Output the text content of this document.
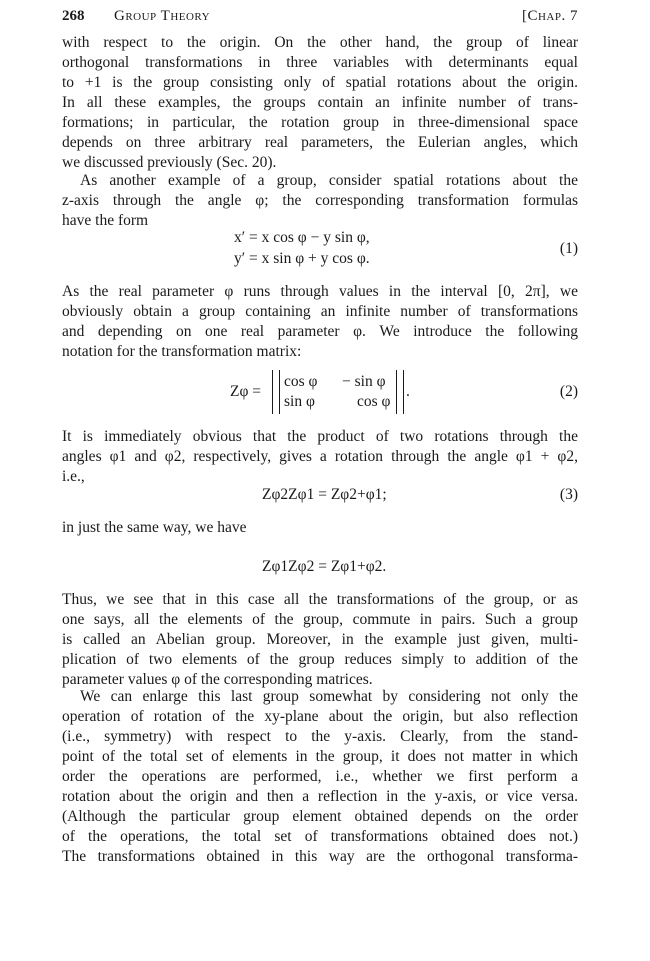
268 Group Theory	[Chap. 7
with respect to the origin. On the other hand, the group of linear
orthogonal transformations in three variables with determinants equal
to +1 is the group consisting only of spatial rotations about the origin.
In all these examples, the groups contain an infinite number of trans-
formations; in particular, the rotation group in three-dimensional space
depends on three arbitrary real parameters, the Eulerian angles, which
we discussed previously (Sec. 20).
As another example of a group, consider spatial rotations about the
z-axis through the angle φ; the corresponding transformation formulas
have the form
x′ = x cos φ − y sin φ,
y′ = x sin φ + y cos φ.
(1)
As the real parameter φ runs through values in the interval [0, 2π], we
obviously obtain a group containing an infinite number of transformations
and depending on one real parameter φ. We introduce the following
notation for the transformation matrix:
Zφ =
cos φ − sin φ
sin φ	cos φ
.	(2)
It is immediately obvious that the product of two rotations through the
angles φ1 and φ2, respectively, gives a rotation through the angle φ1 + φ2,
i.e.,
Zφ2Zφ1 = Zφ2+φ1;	(3)
in just the same way, we have
Zφ1Zφ2 = Zφ1+φ2.
Thus, we see that in this case all the transformations of the group, or as
one says, all the elements of the group, commute in pairs. Such a group
is called an Abelian group. Moreover, in the example just given, multi-
plication of two elements of the group reduces simply to addition of the
parameter values φ of the corresponding matrices.
We can enlarge this last group somewhat by considering not only the
operation of rotation of the xy-plane about the origin, but also reflection
(i.e., symmetry) with respect to the y-axis. Clearly, from the stand-
point of the total set of elements in the group, it does not matter in which
order the operations are performed, i.e., whether we first perform a
rotation about the origin and then a reflection in the y-axis, or vice versa.
(Although the particular group element obtained depends on the order
of the operations, the total set of transformations obtained does not.)
The transformations obtained in this way are the orthogonal transforma-
